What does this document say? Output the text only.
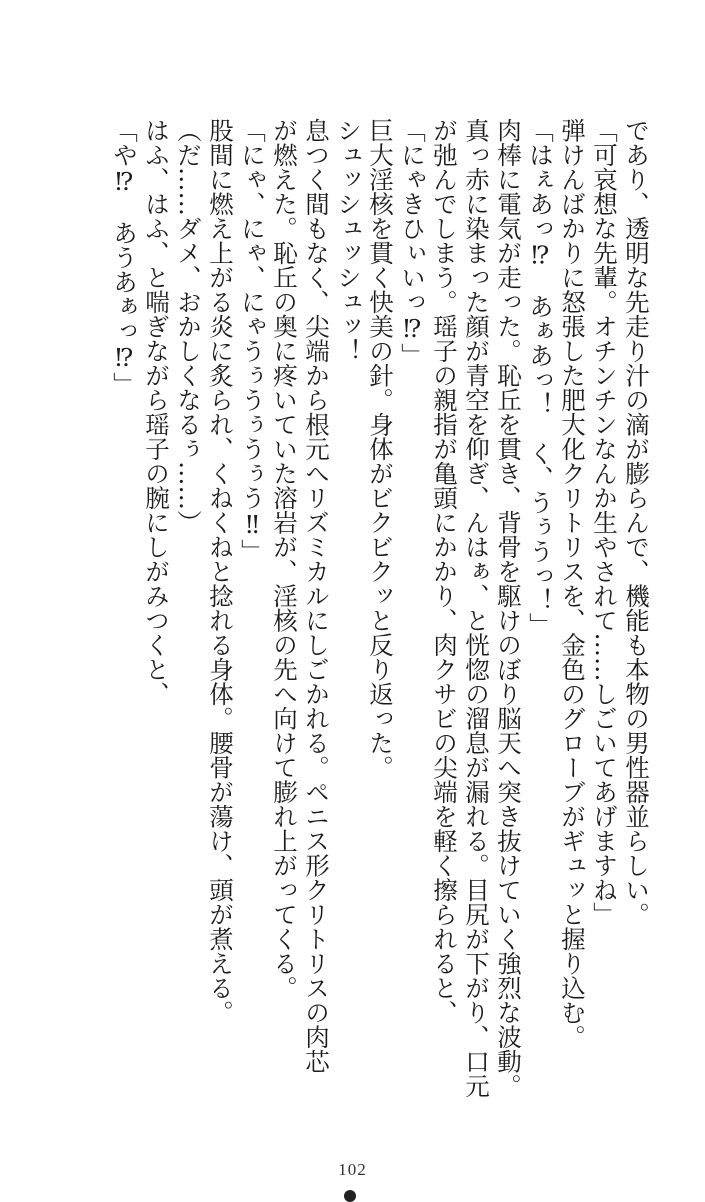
であり、透明な先走り汁の滴が膨らんで、機能も本物の男性器並らしい。
「可哀想な先輩。オチンチンなんか生やされて……しごいてあげますね」
弾けんばかりに怒張した肥大化クリトリスを、金色のグローブがギュッと握り込む。
「はぇあっ⁉　あぁあっ！　く、うぅうっ！」
肉棒に電気が走った。恥丘を貫き、背骨を駆けのぼり脳天へ突き抜けていく強烈な波動。
真っ赤に染まった顔が青空を仰ぎ、んはぁ、と恍惚の溜息が漏れる。目尻が下がり、口元
が弛んでしまう。瑶子の親指が亀頭にかかり、肉クサビの尖端を軽く擦られると、
「にゃきひぃいっ⁉」
巨大淫核を貫く快美の針。身体がビクビクッと反り返った。
シュッシュッシュッ！
息つく間もなく、尖端から根元へリズミカルにしごかれる。ペニス形クリトリスの肉芯
が燃えた。恥丘の奥に疼いていた溶岩が、淫核の先へ向けて膨れ上がってくる。
「にゃ、にゃ、にゃうぅうぅうぅう‼」
股間に燃え上がる炎に炙られ、くねくねと捻れる身体。腰骨が蕩け、頭が煮える。
（だ……ダメ、おかしくなるぅ……）
はふ、はふ、と喘ぎながら瑶子の腕にしがみつくと、
「や⁉　あうあぁっ⁉」
102
